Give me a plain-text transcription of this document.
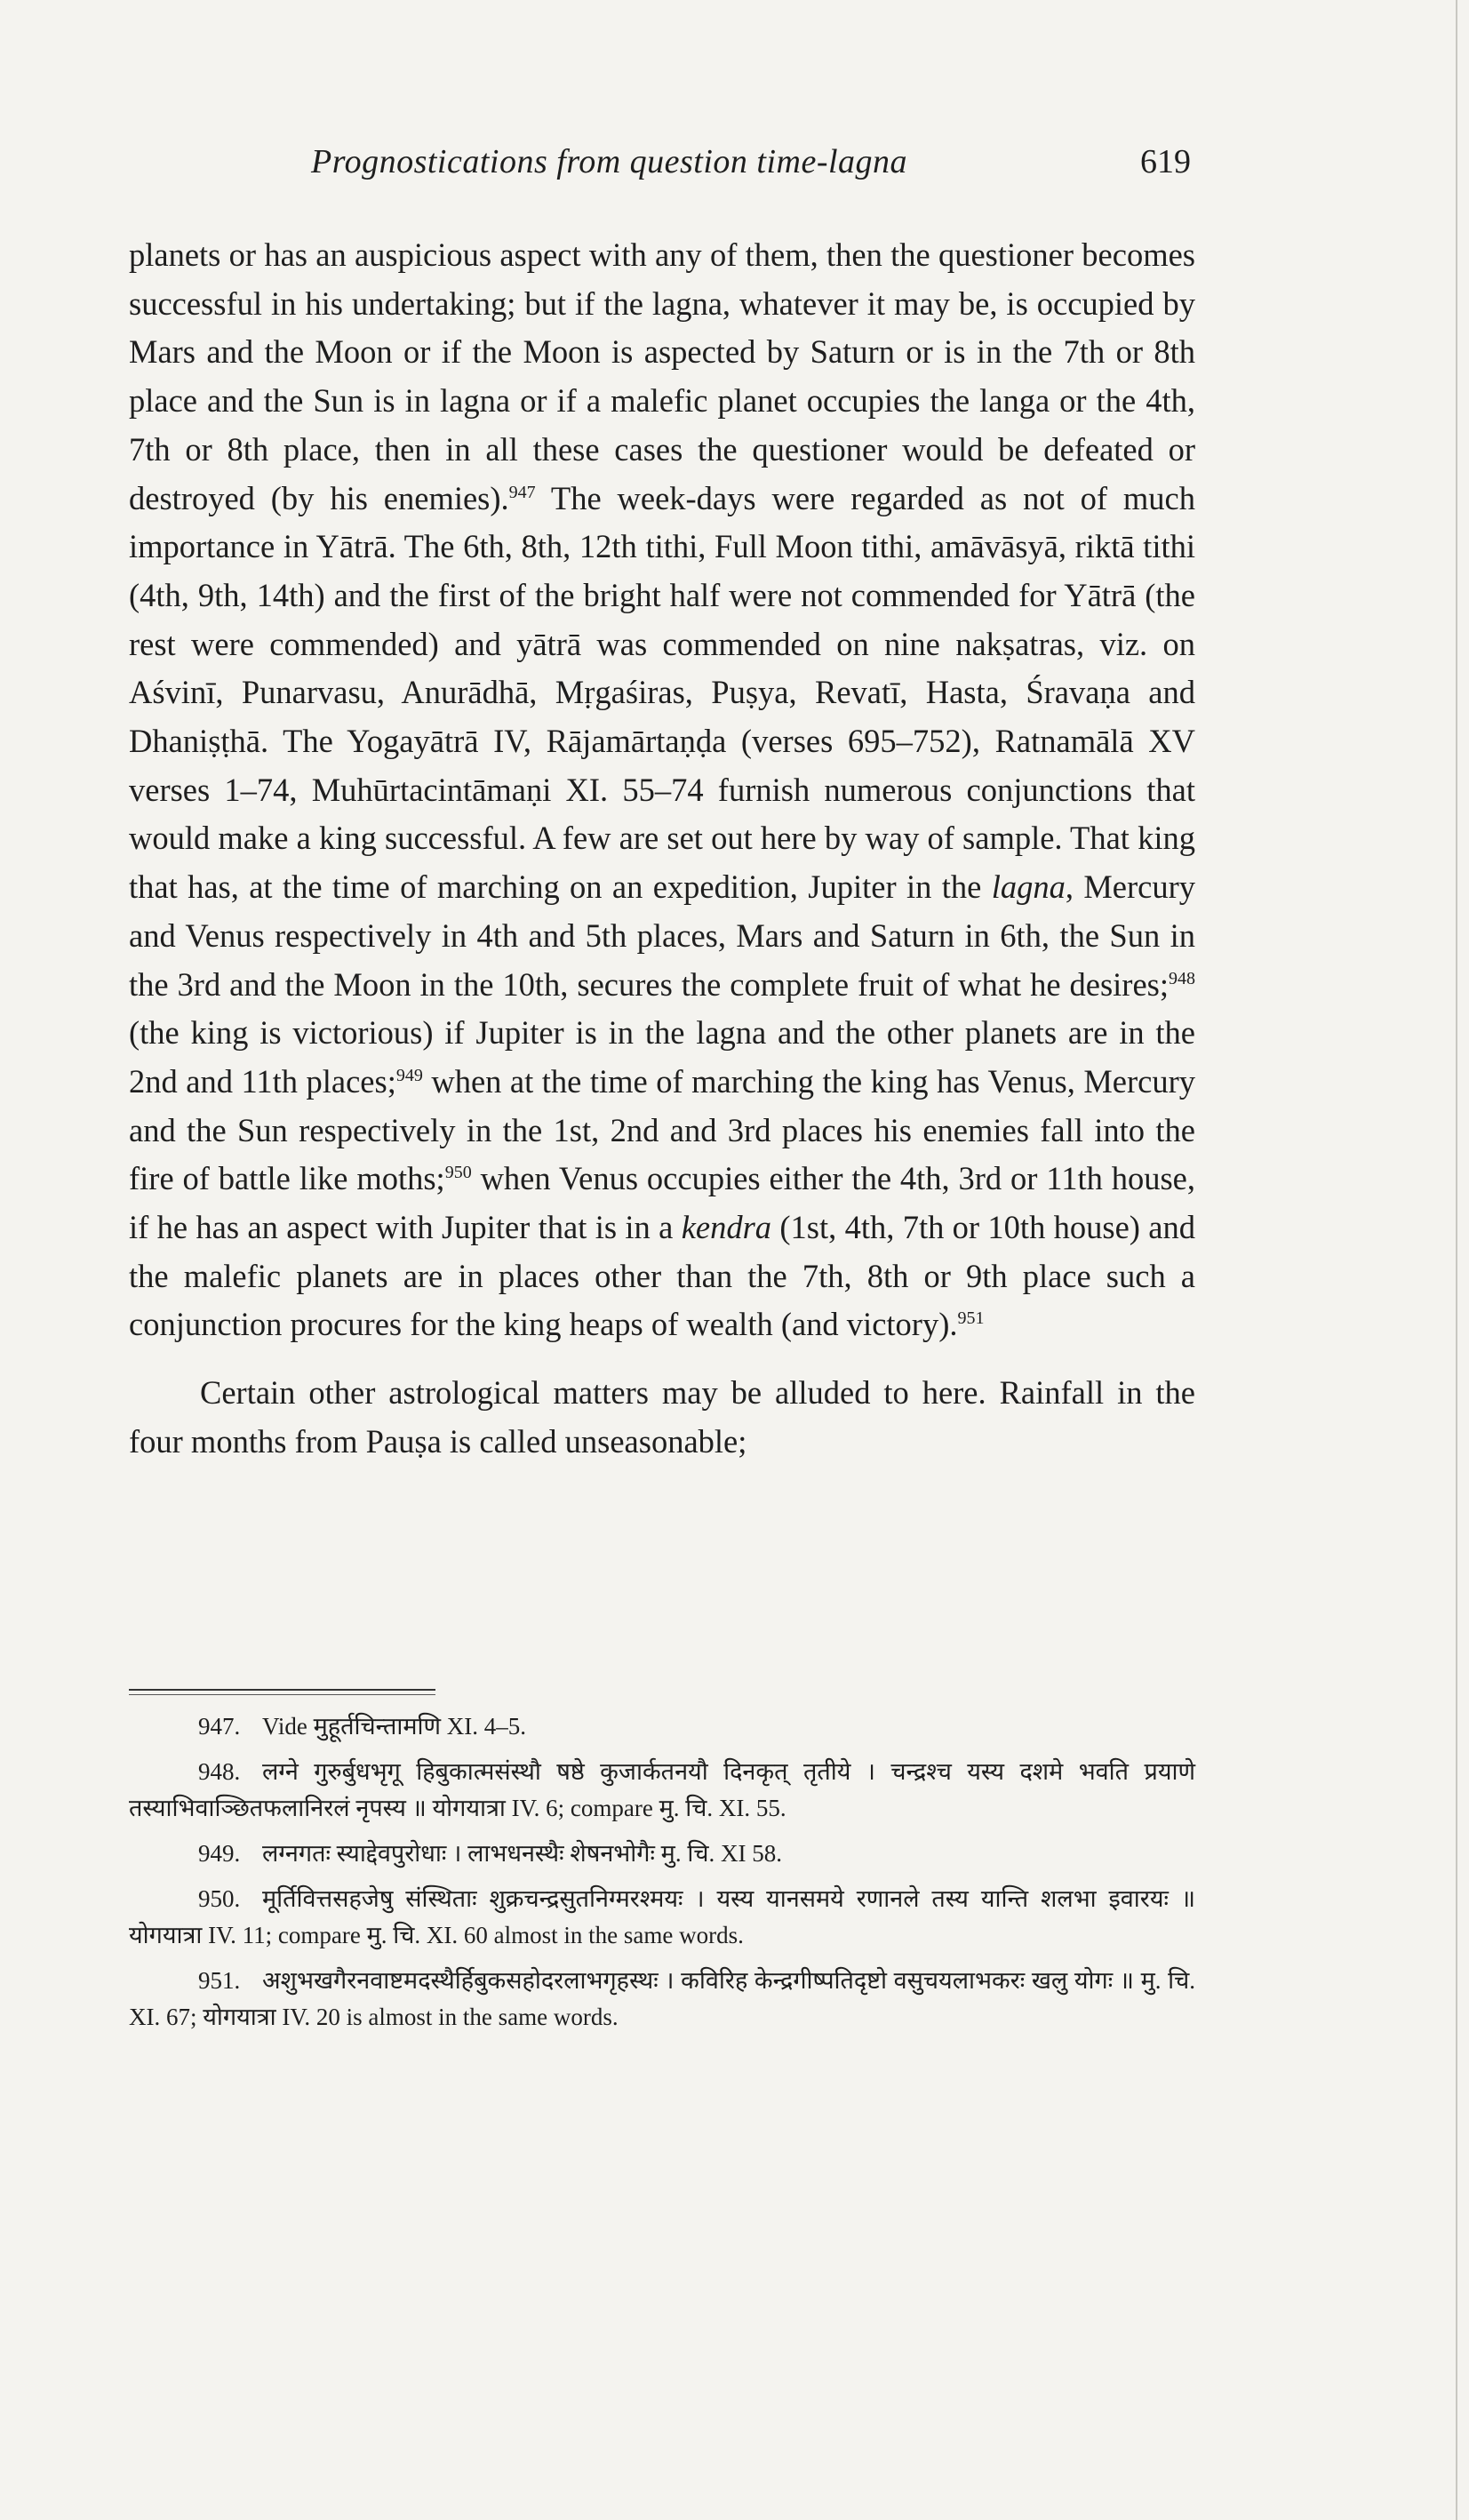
Prognostications from question time-lagna	619

planets or has an auspicious aspect with any of them, then the questioner becomes successful in his undertaking; but if the lagna, whatever it may be, is occupied by Mars and the Moon or if the Moon is aspected by Saturn or is in the 7th or 8th place and the Sun is in lagna or if a malefic planet occupies the langa or the 4th, 7th or 8th place, then in all these cases the questioner would be defeated or destroyed (by his enemies).$^{947}$ The week-days were regarded as not of much importance in Yātrā. The 6th, 8th, 12th tithi, Full Moon tithi, amāvāsyā, riktā tithi (4th, 9th, 14th) and the first of the bright half were not commended for Yātrā (the rest were commended) and yātrā was commended on nine nakṣatras, viz. on Aśvinī, Punarvasu, Anurādhā, Mṛgaśiras, Puṣya, Revatī, Hasta, Śravaṇa and Dhaniṣṭhā. The Yogayātrā IV, Rājamārtaṇḍa (verses 695–752), Ratnamālā XV verses 1–74, Muhūrtacintāmaṇi XI. 55–74 furnish numerous conjunctions that would make a king successful. A few are set out here by way of sample. That king that has, at the time of marching on an expedition, Jupiter in the lagna, Mercury and Venus respectively in 4th and 5th places, Mars and Saturn in 6th, the Sun in the 3rd and the Moon in the 10th, secures the complete fruit of what he desires;$^{948}$ (the king is victorious) if Jupiter is in the lagna and the other planets are in the 2nd and 11th places;$^{949}$ when at the time of marching the king has Venus, Mercury and the Sun respectively in the 1st, 2nd and 3rd places his enemies fall into the fire of battle like moths;$^{950}$ when Venus occupies either the 4th, 3rd or 11th house, if he has an aspect with Jupiter that is in a kendra (1st, 4th, 7th or 10th house) and the malefic planets are in places other than the 7th, 8th or 9th place such a conjunction procures for the king heaps of wealth (and victory).$^{951}$

Certain other astrological matters may be alluded to here. Rainfall in the four months from Pauṣa is called unseasonable;

947. Vide मुहूर्तचिन्तामणि XI. 4–5.

948. लग्ने गुरुर्बुधभृगू हिबुकात्मसंस्थौ षष्ठे कुजार्कतनयौ दिनकृत् तृतीये । चन्द्रश्च यस्य दशमे भवति प्रयाणे तस्याभिवाञ्छितफलानिरलं नृपस्य ॥ योगयात्रा IV. 6; compare मु. चि. XI. 55.

949. लग्नगतः स्याद्देवपुरोधाः । लाभधनस्थैः शेषनभोगैः मु. चि. XI 58.

950. मूर्तिवित्तसहजेषु संस्थिताः शुक्रचन्द्रसुतनिग्मरश्मयः । यस्य यानसमये रणानले तस्य यान्ति शलभा इवारयः ॥ योगयात्रा IV. 11; compare मु. चि. XI. 60 almost in the same words.

951. अशुभखगैरनवाष्टमदस्थैर्हिबुकसहोदरलाभगृहस्थः । कविरिह केन्द्रगीष्पतिदृष्टो वसुचयलाभकरः खलु योगः ॥ मु. चि. XI. 67; योगयात्रा IV. 20 is almost in the same words.
